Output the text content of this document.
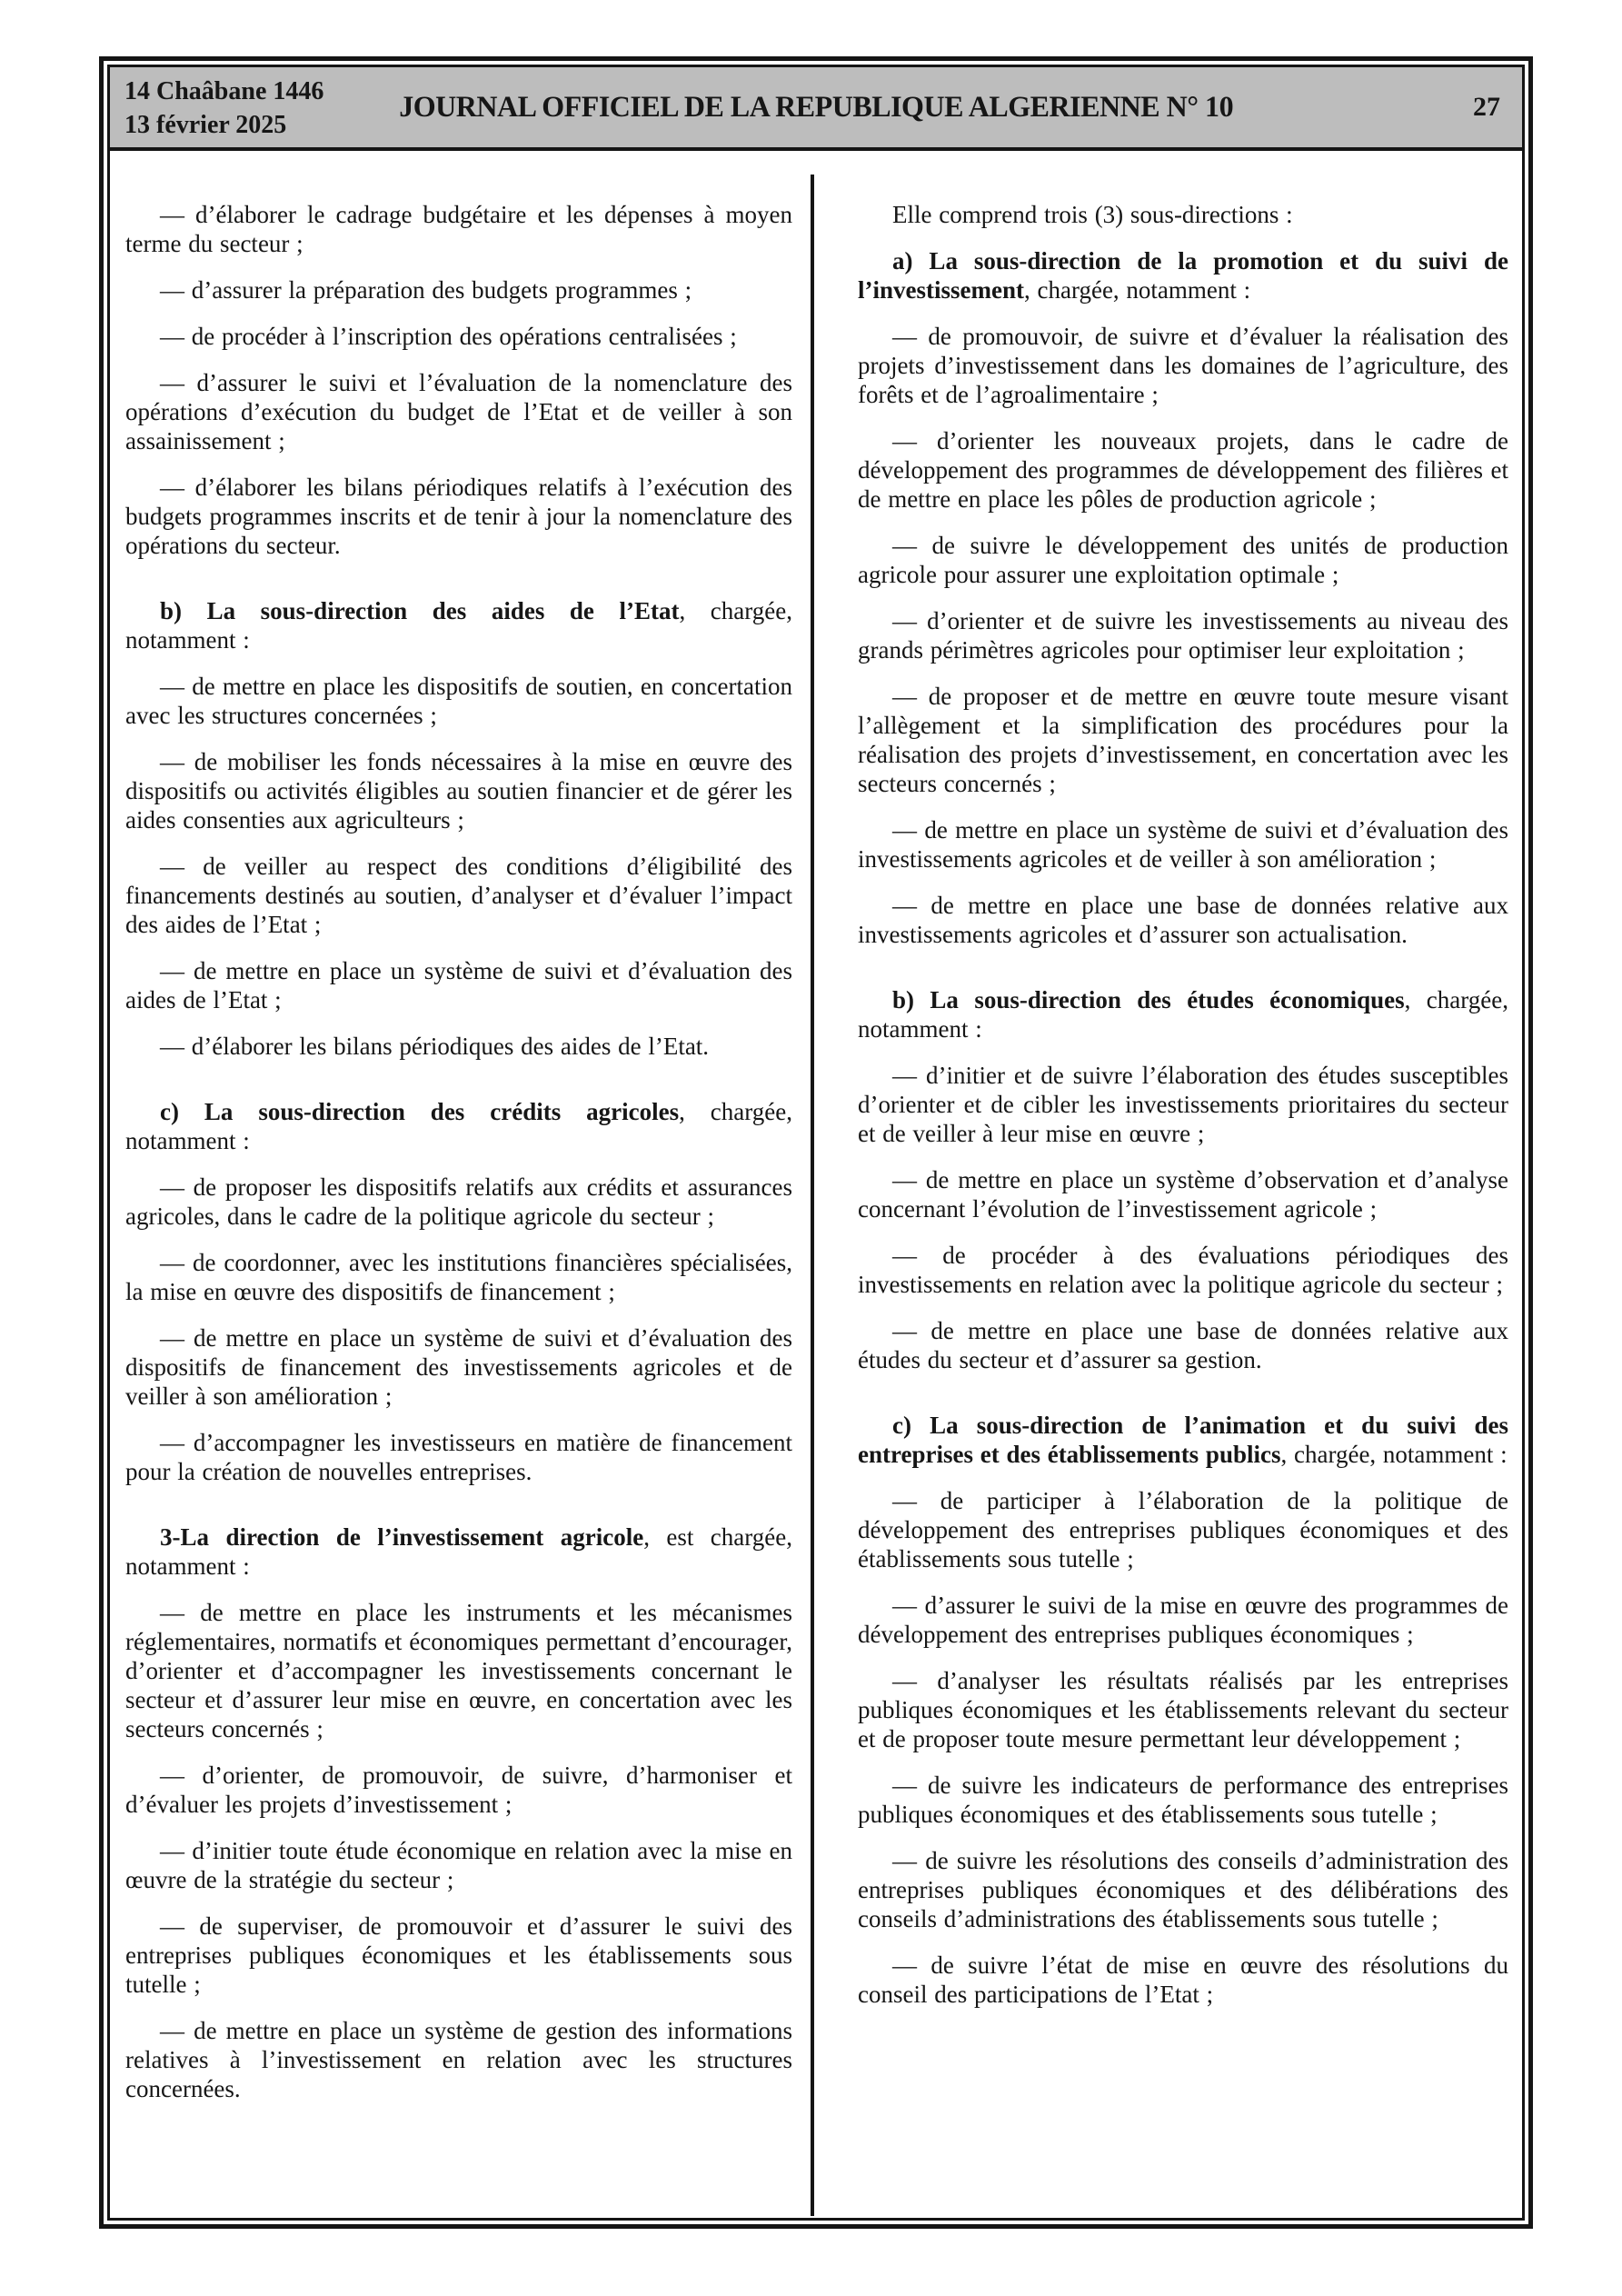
14 Chaâbane 1446
13 février 2025
JOURNAL OFFICIEL DE LA REPUBLIQUE ALGERIENNE N° 10	27

— d’élaborer le cadrage budgétaire et les dépenses à moyen terme du secteur ;

— d’assurer la préparation des budgets programmes ;

— de procéder à l’inscription des opérations centralisées ;

— d’assurer le suivi et l’évaluation de la nomenclature des opérations d’exécution du budget de l’Etat et de veiller à son assainissement ;

— d’élaborer les bilans périodiques relatifs à l’exécution des budgets programmes inscrits et de tenir à jour la nomenclature des opérations du secteur.

b) La sous-direction des aides de l’Etat, chargée, notamment :

— de mettre en place les dispositifs de soutien, en concertation avec les structures concernées ;

— de mobiliser les fonds nécessaires à la mise en œuvre des dispositifs ou activités éligibles au soutien financier et de gérer les aides consenties aux agriculteurs ;

— de veiller au respect des conditions d’éligibilité des financements destinés au soutien, d’analyser et d’évaluer l’impact des aides de l’Etat ;

— de mettre en place un système de suivi et d’évaluation des aides de l’Etat ;

— d’élaborer les bilans périodiques des aides de l’Etat.

c) La sous-direction des crédits agricoles, chargée, notamment :

— de proposer les dispositifs relatifs aux crédits et assurances agricoles, dans le cadre de la politique agricole du secteur ;

— de coordonner, avec les institutions financières spécialisées, la mise en œuvre des dispositifs de financement ;

— de mettre en place un système de suivi et d’évaluation des dispositifs de financement des investissements agricoles et de veiller à son amélioration ;

— d’accompagner les investisseurs en matière de financement pour la création de nouvelles entreprises.

3-La direction de l’investissement agricole, est chargée, notamment :

— de mettre en place les instruments et les mécanismes réglementaires, normatifs et économiques permettant d’encourager, d’orienter et d’accompagner les investissements concernant le secteur et d’assurer leur mise en œuvre, en concertation avec les secteurs concernés ;

— d’orienter, de promouvoir, de suivre, d’harmoniser et d’évaluer les projets d’investissement ;

— d’initier toute étude économique en relation avec la mise en œuvre de la stratégie du secteur ;

— de superviser, de promouvoir et d’assurer le suivi des entreprises publiques économiques et les établissements sous tutelle ;

— de mettre en place un système de gestion des informations relatives à l’investissement en relation avec les structures concernées.

Elle comprend trois (3) sous-directions :

a) La sous-direction de la promotion et du suivi de l’investissement, chargée, notamment :

— de promouvoir, de suivre et d’évaluer la réalisation des projets d’investissement dans les domaines de l’agriculture, des forêts et de l’agroalimentaire ;

— d’orienter les nouveaux projets, dans le cadre de développement des programmes de développement des filières et de mettre en place les pôles de production agricole ;

— de suivre le développement des unités de production agricole pour assurer une exploitation optimale ;

— d’orienter et de suivre les investissements au niveau des grands périmètres agricoles pour optimiser leur exploitation ;

— de proposer et de mettre en œuvre toute mesure visant l’allègement et la simplification des procédures pour la réalisation des projets d’investissement, en concertation avec les secteurs concernés ;

— de mettre en place un système de suivi et d’évaluation des investissements agricoles et de veiller à son amélioration ;

— de mettre en place une base de données relative aux investissements agricoles et d’assurer son actualisation.

b) La sous-direction des études économiques, chargée, notamment :

— d’initier et de suivre l’élaboration des études susceptibles d’orienter et de cibler les investissements prioritaires du secteur et de veiller à leur mise en œuvre ;

— de mettre en place un système d’observation et d’analyse concernant l’évolution de l’investissement agricole ;

— de procéder à des évaluations périodiques des investissements en relation avec la politique agricole du secteur ;

— de mettre en place une base de données relative aux études du secteur et d’assurer sa gestion.

c) La sous-direction de l’animation et du suivi des entreprises et des établissements publics, chargée, notamment :

— de participer à l’élaboration de la politique de développement des entreprises publiques économiques et des établissements sous tutelle ;

— d’assurer le suivi de la mise en œuvre des programmes de développement des entreprises publiques économiques ;

— d’analyser les résultats réalisés par les entreprises publiques économiques et les établissements relevant du secteur et de proposer toute mesure permettant leur développement ;

— de suivre les indicateurs de performance des entreprises publiques économiques et des établissements sous tutelle ;

— de suivre les résolutions des conseils d’administration des entreprises publiques économiques et des délibérations des conseils d’administrations des établissements sous tutelle ;

— de suivre l’état de mise en œuvre des résolutions du conseil des participations de l’Etat ;
